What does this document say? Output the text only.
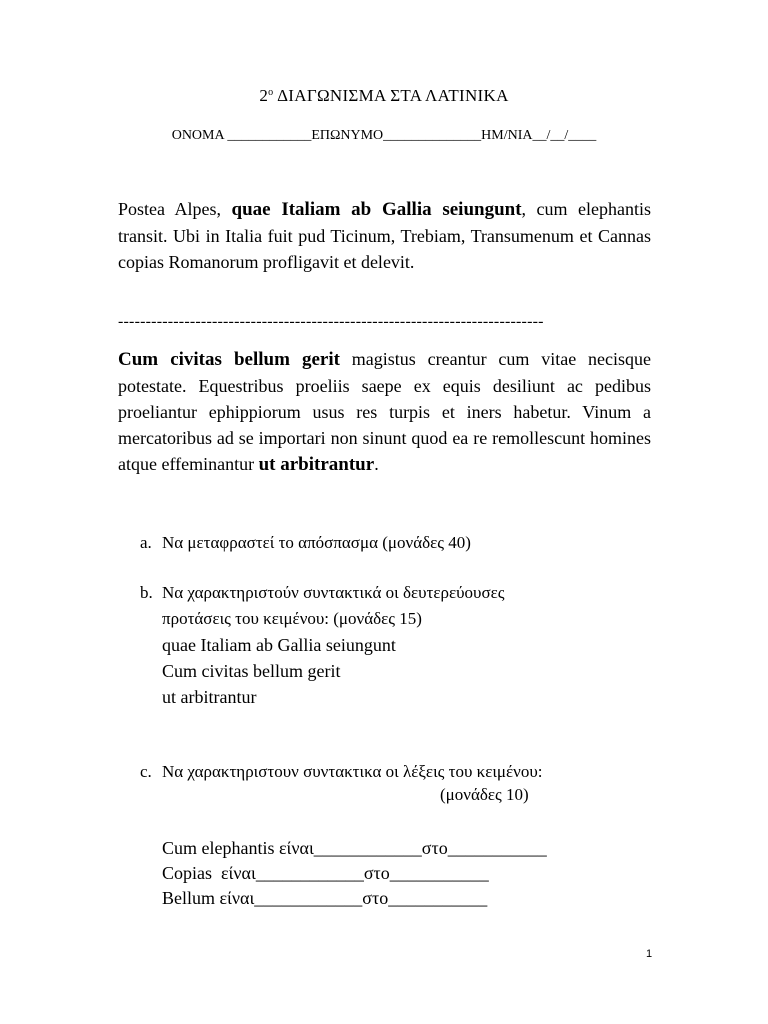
$2^o$ ΔΙΑΓΩΝΙΣΜΑ ΣΤΑ ΛΑΤΙΝΙΚΑ
ΟΝΟΜΑ ____________ΕΠΩΝΥΜΟ______________ΗΜ/ΝΙΑ__/__/____
Postea Alpes, quae Italiam ab Gallia seiungunt, cum elephantis transit. Ubi in Italia fuit pud Ticinum, Trebiam, Transumenum et Cannas copias Romanorum profligavit et delevit.
-----------------------------------------------------------------------------
Cum civitas bellum gerit magistus creantur cum vitae necisque potestate. Equestribus proeliis saepe ex equis desiliunt ac pedibus proeliantur ephippiorum usus res turpis et iners habetur. Vinum a mercatoribus ad se importari non sinunt quod ea re remollescunt homines atque effeminantur ut arbitrantur.
a. Να μεταφραστεί το απόσπασμα (μονάδες 40)
b. Να χαρακτηριστούν συντακτικά οι δευτερεύουσες
προτάσεις του κειμένου: (μονάδες 15)
quae Italiam ab Gallia seiungunt
Cum civitas bellum gerit
ut arbitrantur
c. Να χαρακτηριστουν συντακτικα οι λέξεις του κειμένου:
(μονάδες 10)
Cum elephantis είναι____________στο___________
Copias  είναι____________στο___________
Bellum είναι____________στο___________
1
